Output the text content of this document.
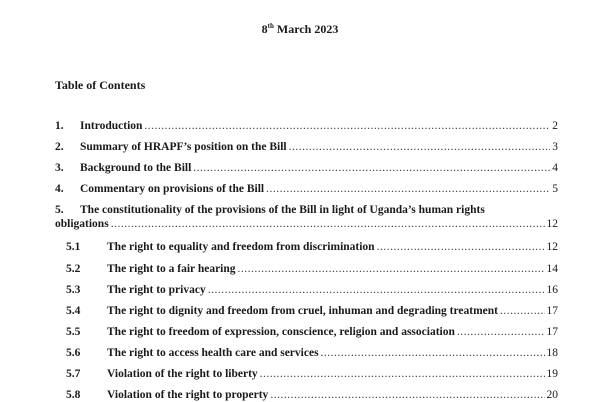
8th March 2023
Table of Contents
1.	Introduction .....	2
2.	Summary of HRAPF’s position on the Bill .....	3
3.	Background to the Bill .....	4
4.	Commentary on provisions of the Bill .....	5
5.	The constitutionality of the provisions of the Bill in light of Uganda’s human rights
obligations .....	12
5.1	The right to equality and freedom from discrimination .....	12
5.2	The right to a fair hearing .....	14
5.3	The right to privacy .....	16
5.4	The right to dignity and freedom from cruel, inhuman and degrading treatment .....	17
5.5	The right to freedom of expression, conscience, religion and association .....	17
5.6	The right to access health care and services .....	18
5.7	Violation of the right to liberty .....	19
5.8	Violation of the right to property .....	20
